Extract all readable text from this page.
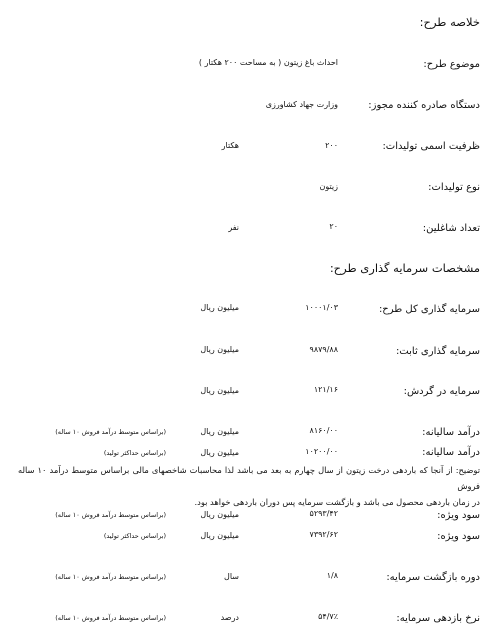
خلاصه طرح:
موضوع طرح:
احداث باغ زیتون ( به مساحت ۲۰۰ هکتار )
دستگاه صادره کننده مجوز:
وزارت جهاد کشاورزی
ظرفیت اسمی تولیدات:
۲۰۰
هکتار
نوع تولیدات:
زیتون
تعداد شاغلین:
۲۰
نفر
مشخصات سرمایه گذاری طرح:
سرمایه گذاری کل طرح:
۱۰۰۰۱/۰۳
میلیون ریال
سرمایه گذاری ثابت:
۹۸۷۹/۸۸
میلیون ریال
سرمایه در گردش:
۱۲۱/۱۶
میلیون ریال
درآمد سالیانه:
۸۱۶۰/۰۰
میلیون ریال
(براساس متوسط درآمد فروش ۱۰ ساله)
درآمد سالیانه:
۱۰۲۰۰/۰۰
میلیون ریال
(براساس حداکثر تولید)
توضیح: از آنجا که باردهی درخت زیتون از سال چهارم به بعد می باشد لذا محاسبات شاخصهای مالی براساس متوسط درآمد ۱۰ ساله فروش
در زمان باردهی محصول می باشد و بازگشت سرمایه پس دوران باردهی خواهد بود.
سود ویژه:
۵۲۹۳/۴۲
میلیون ریال
(براساس متوسط درآمد فروش ۱۰ ساله)
سود ویژه:
۷۳۹۲/۶۲
میلیون ریال
(براساس حداکثر تولید)
دوره بازگشت سرمایه:
۱/۸
سال
(براساس متوسط درآمد فروش ۱۰ ساله)
نرخ بازدهی سرمایه:
۵۴/۷٪
درصد
(براساس متوسط درآمد فروش ۱۰ ساله)
